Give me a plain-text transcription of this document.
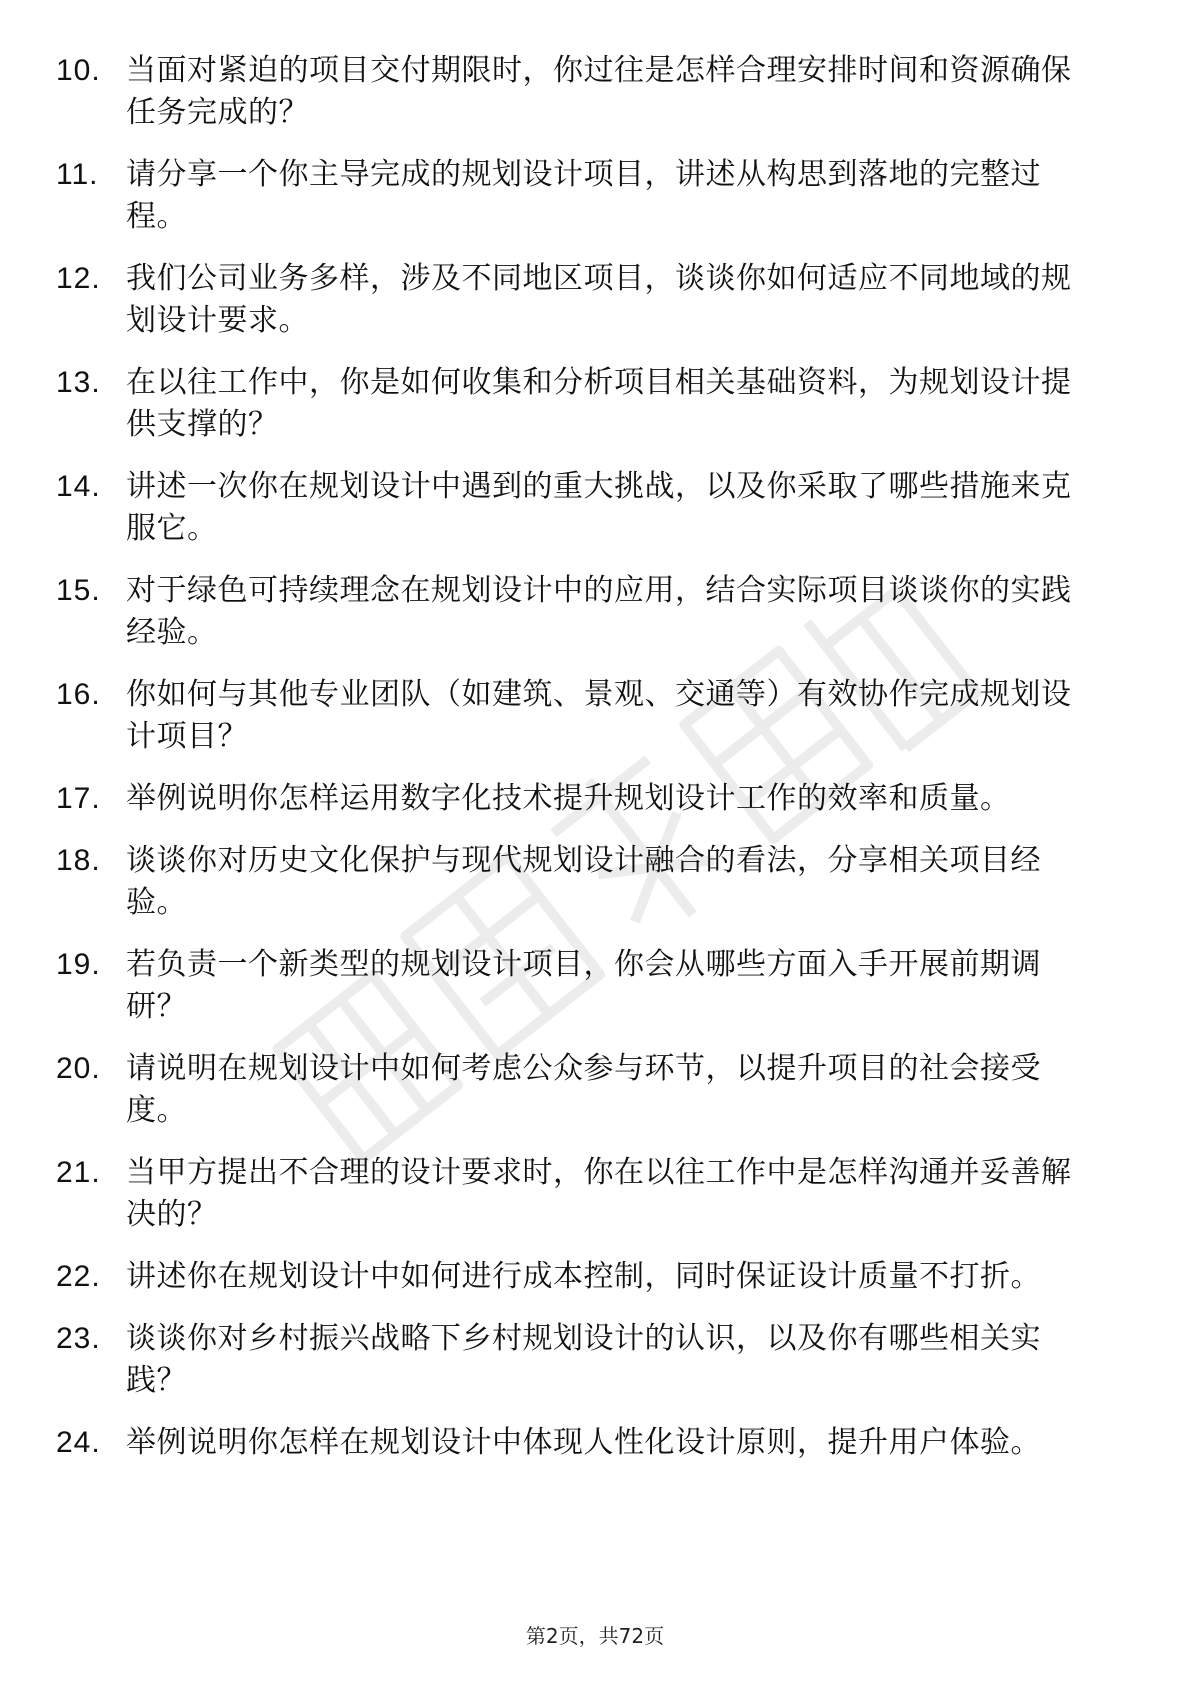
10. 当面对紧迫的项目交付期限时，你过往是怎样合理安排时间和资源确保任务完成的？
11. 请分享一个你主导完成的规划设计项目，讲述从构思到落地的完整过程。
12. 我们公司业务多样，涉及不同地区项目，谈谈你如何适应不同地域的规划设计要求。
13. 在以往工作中，你是如何收集和分析项目相关基础资料，为规划设计提供支撑的？
14. 讲述一次你在规划设计中遇到的重大挑战，以及你采取了哪些措施来克服它。
15. 对于绿色可持续理念在规划设计中的应用，结合实际项目谈谈你的实践经验。
16. 你如何与其他专业团队（如建筑、景观、交通等）有效协作完成规划设计项目？
17. 举例说明你怎样运用数字化技术提升规划设计工作的效率和质量。
18. 谈谈你对历史文化保护与现代规划设计融合的看法，分享相关项目经验。
19. 若负责一个新类型的规划设计项目，你会从哪些方面入手开展前期调研？
20. 请说明在规划设计中如何考虑公众参与环节，以提升项目的社会接受度。
21. 当甲方提出不合理的设计要求时，你在以往工作中是怎样沟通并妥善解决的？
22. 讲述你在规划设计中如何进行成本控制，同时保证设计质量不打折。
23. 谈谈你对乡村振兴战略下乡村规划设计的认识，以及你有哪些相关实践？
24. 举例说明你怎样在规划设计中体现人性化设计原则，提升用户体验。
第2页，共72页
